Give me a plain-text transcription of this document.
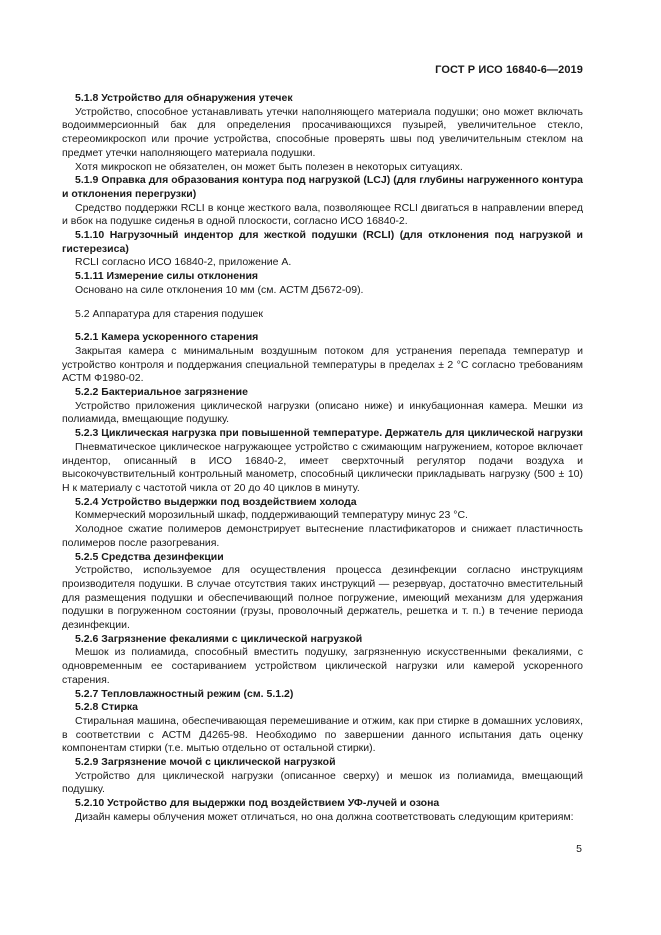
ГОСТ Р ИСО 16840-6—2019

5.1.8 Устройство для обнаружения утечек

Устройство, способное устанавливать утечки наполняющего материала подушки; оно может включать водоиммерсионный бак для определения просачивающихся пузырей, увеличительное стекло, стереомикроскоп или прочие устройства, способные проверять швы под увеличительным стеклом на предмет утечки наполняющего материала подушки.

Хотя микроскоп не обязателен, он может быть полезен в некоторых ситуациях.

5.1.9 Оправка для образования контура под нагрузкой (LCJ) (для глубины нагруженного контура и отклонения перегрузки)

Средство поддержки RCLI в конце жесткого вала, позволяющее RCLI двигаться в направлении вперед и вбок на подушке сиденья в одной плоскости, согласно ИСО 16840-2.

5.1.10 Нагрузочный индентор для жесткой подушки (RCLI) (для отклонения под нагрузкой и гистерезиса)

RCLI согласно ИСО 16840-2, приложение А.

5.1.11 Измерение силы отклонения

Основано на силе отклонения 10 мм (см. АСТМ Д5672-09).

5.2 Аппаратура для старения подушек

5.2.1 Камера ускоренного старения

Закрытая камера с минимальным воздушным потоком для устранения перепада температур и устройство контроля и поддержания специальной температуры в пределах ± 2 °С согласно требованиям АСТМ Ф1980-02.

5.2.2 Бактериальное загрязнение

Устройство приложения циклической нагрузки (описано ниже) и инкубационная камера. Мешки из полиамида, вмещающие подушку.

5.2.3 Циклическая нагрузка при повышенной температуре. Держатель для циклической нагрузки

Пневматическое циклическое нагружающее устройство с сжимающим нагружением, которое включает индентор, описанный в ИСО 16840-2, имеет сверхточный регулятор подачи воздуха и высокочувствительный контрольный манометр, способный циклически прикладывать нагрузку (500 ± 10) Н к материалу с частотой чикла от 20 до 40 циклов в минуту.

5.2.4 Устройство выдержки под воздействием холода

Коммерческий морозильный шкаф, поддерживающий температуру минус 23 °С.

Холодное сжатие полимеров демонстрирует вытеснение пластификаторов и снижает пластичность полимеров после разогревания.

5.2.5 Средства дезинфекции

Устройство, используемое для осуществления процесса дезинфекции согласно инструкциям производителя подушки. В случае отсутствия таких инструкций — резервуар, достаточно вместительный для размещения подушки и обеспечивающий полное погружение, имеющий механизм для удержания подушки в погруженном состоянии (грузы, проволочный держатель, решетка и т. п.) в течение периода дезинфекции.

5.2.6 Загрязнение фекалиями с циклической нагрузкой

Мешок из полиамида, способный вместить подушку, загрязненную искусственными фекалиями, с одновременным ее состариванием устройством циклической нагрузки или камерой ускоренного старения.

5.2.7 Тепловлажностный режим (см. 5.1.2)

5.2.8 Стирка

Стиральная машина, обеспечивающая перемешивание и отжим, как при стирке в домашних условиях, в соответствии с АСТМ Д4265-98. Необходимо по завершении данного испытания дать оценку компонентам стирки (т.е. мытью отдельно от остальной стирки).

5.2.9 Загрязнение мочой с циклической нагрузкой

Устройство для циклической нагрузки (описанное сверху) и мешок из полиамида, вмещающий подушку.

5.2.10 Устройство для выдержки под воздействием УФ-лучей и озона

Дизайн камеры облучения может отличаться, но она должна соответствовать следующим критериям:

5
